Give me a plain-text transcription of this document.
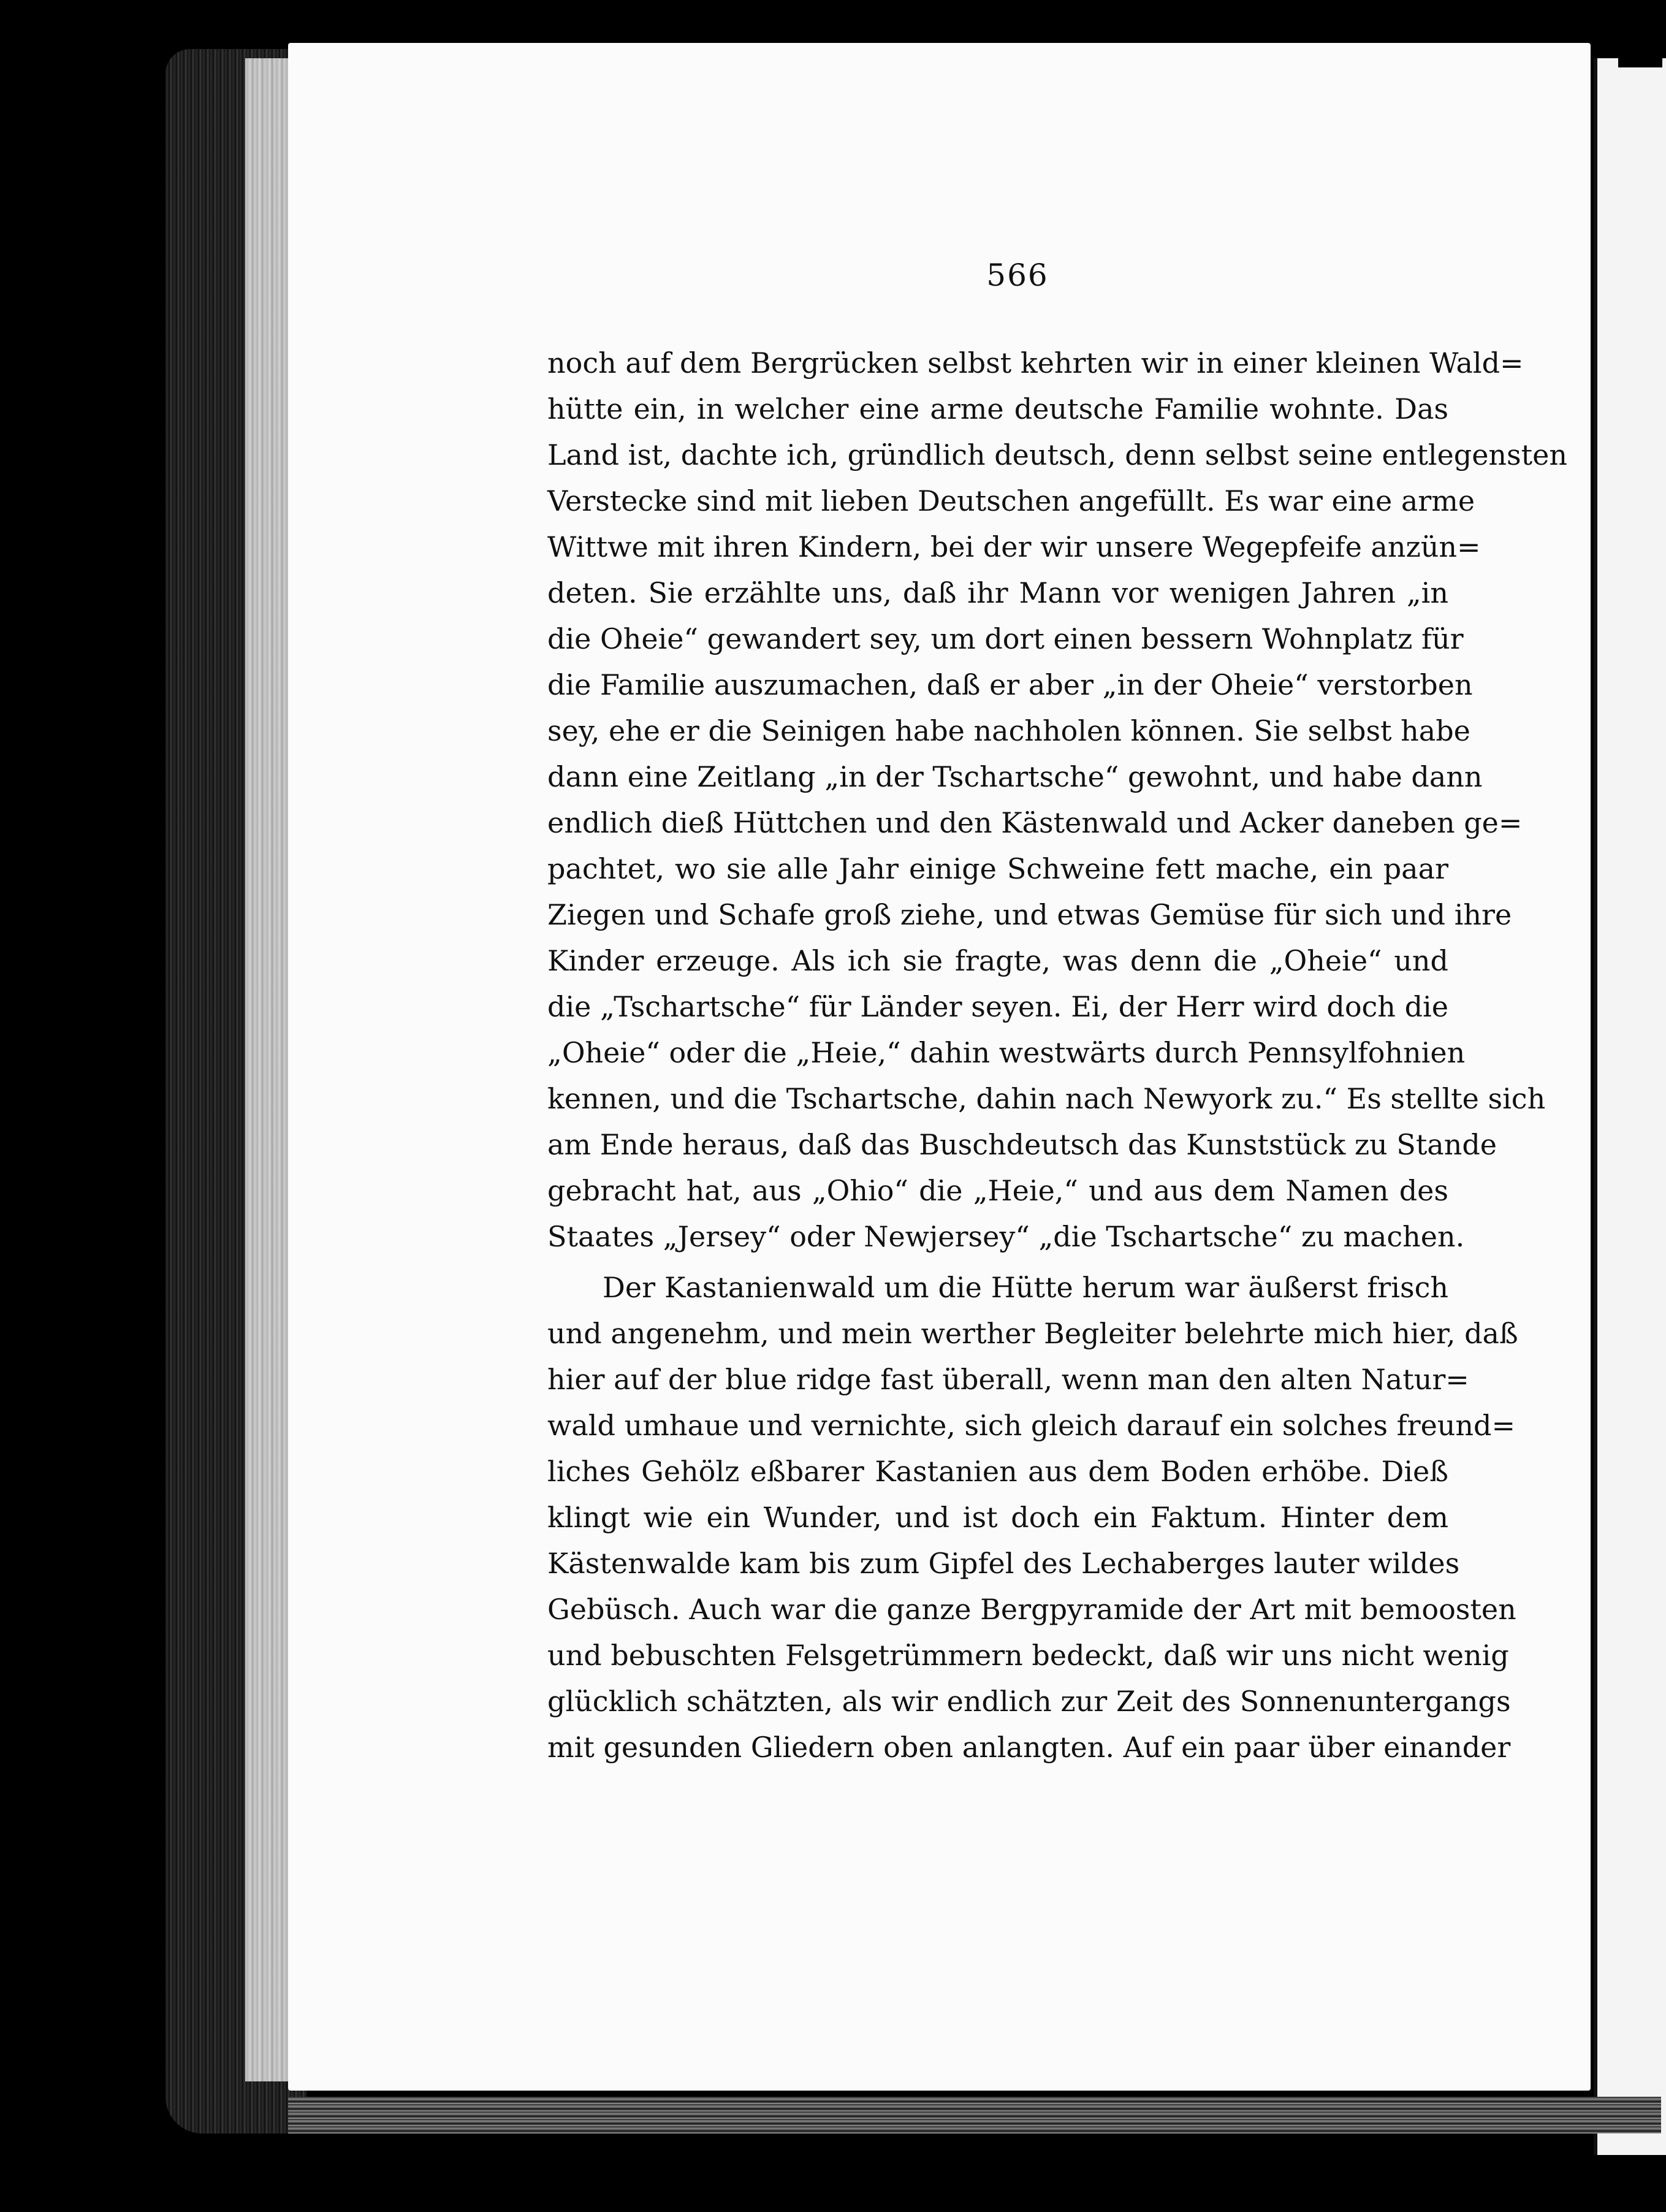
566
noch auf dem Bergrücken selbst kehrten wir in einer kleinen Wald=
hütte ein, in welcher eine arme deutsche Familie wohnte. Das
Land ist, dachte ich, gründlich deutsch, denn selbst seine entlegensten
Verstecke sind mit lieben Deutschen angefüllt. Es war eine arme
Wittwe mit ihren Kindern, bei der wir unsere Wegepfeife anzün=
deten. Sie erzählte uns, daß ihr Mann vor wenigen Jahren „in
die Oheie“ gewandert sey, um dort einen bessern Wohnplatz für
die Familie auszumachen, daß er aber „in der Oheie“ verstorben
sey, ehe er die Seinigen habe nachholen können. Sie selbst habe
dann eine Zeitlang „in der Tschartsche“ gewohnt, und habe dann
endlich dieß Hüttchen und den Kästenwald und Acker daneben ge=
pachtet, wo sie alle Jahr einige Schweine fett mache, ein paar
Ziegen und Schafe groß ziehe, und etwas Gemüse für sich und ihre
Kinder erzeuge. Als ich sie fragte, was denn die „Oheie“ und
die „Tschartsche“ für Länder seyen. Ei, der Herr wird doch die
„Oheie“ oder die „Heie,“ dahin westwärts durch Pennsylfohnien
kennen, und die Tschartsche, dahin nach Newyork zu.“ Es stellte sich
am Ende heraus, daß das Buschdeutsch das Kunststück zu Stande
gebracht hat, aus „Ohio“ die „Heie,“ und aus dem Namen des
Staates „Jersey“ oder Newjersey“ „die Tschartsche“ zu machen.
Der Kastanienwald um die Hütte herum war äußerst frisch
und angenehm, und mein werther Begleiter belehrte mich hier, daß
hier auf der blue ridge fast überall, wenn man den alten Natur=
wald umhaue und vernichte, sich gleich darauf ein solches freund=
liches Gehölz eßbarer Kastanien aus dem Boden erhöbe. Dieß
klingt wie ein Wunder, und ist doch ein Faktum. Hinter dem
Kästenwalde kam bis zum Gipfel des Lechaberges lauter wildes
Gebüsch. Auch war die ganze Bergpyramide der Art mit bemoosten
und bebuschten Felsgetrümmern bedeckt, daß wir uns nicht wenig
glücklich schätzten, als wir endlich zur Zeit des Sonnenuntergangs
mit gesunden Gliedern oben anlangten. Auf ein paar über einander
